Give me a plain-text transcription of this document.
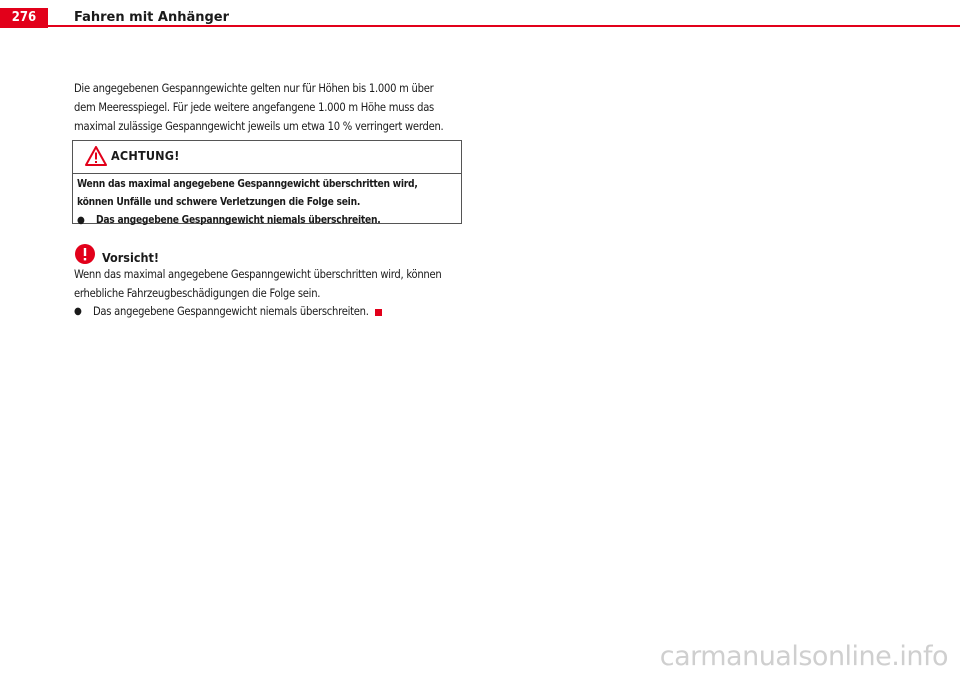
276	Fahren mit Anhänger
Die angegebenen Gespanngewichte gelten nur für Höhen bis 1.000 m über
dem Meeresspiegel. Für jede weitere angefangene 1.000 m Höhe muss das
maximal zulässige Gespanngewicht jeweils um etwa 10 % verringert werden.
ACHTUNG!
Wenn das maximal angegebene Gespanngewicht überschritten wird,
können Unfälle und schwere Verletzungen die Folge sein.
● Das angegebene Gespanngewicht niemals überschreiten.
Vorsicht!
Wenn das maximal angegebene Gespanngewicht überschritten wird, können
erhebliche Fahrzeugbeschädigungen die Folge sein.
● Das angegebene Gespanngewicht niemals überschreiten.
carmanualsonline.info
